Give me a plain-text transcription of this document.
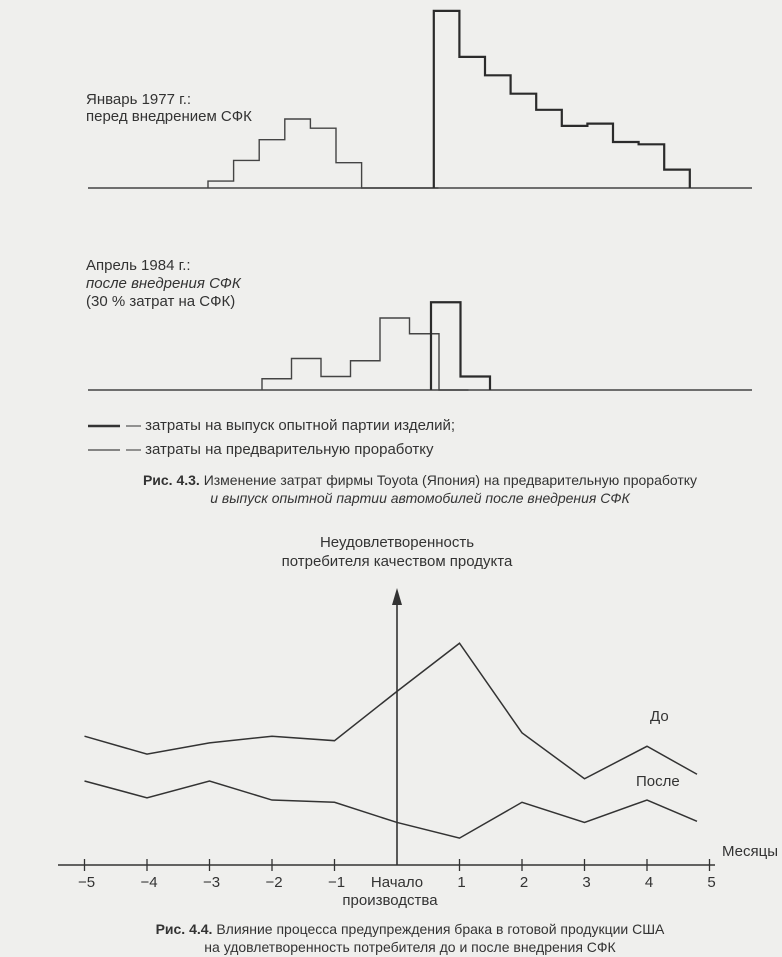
Январь 1977 г.:
перед внедрением СФК
Апрель 1984 г.:
после внедрения СФК
(30 % затрат на СФК)
— затраты на выпуск опытной партии изделий;
— затраты на предварительную проработку
Рис. 4.3. Изменение затрат фирмы Toyota (Япония) на предварительную проработку
и выпуск опытной партии автомобилей после внедрения СФК
−5	−4	−3	−2	−1 Начало
производства
1	2	3	4	5
Неудовлетворенность
потребителя качеством продукта
Месяцы
До
После
Рис. 4.4. Влияние процесса предупреждения брака в готовой продукции США
на удовлетворенность потребителя до и после внедрения СФК
